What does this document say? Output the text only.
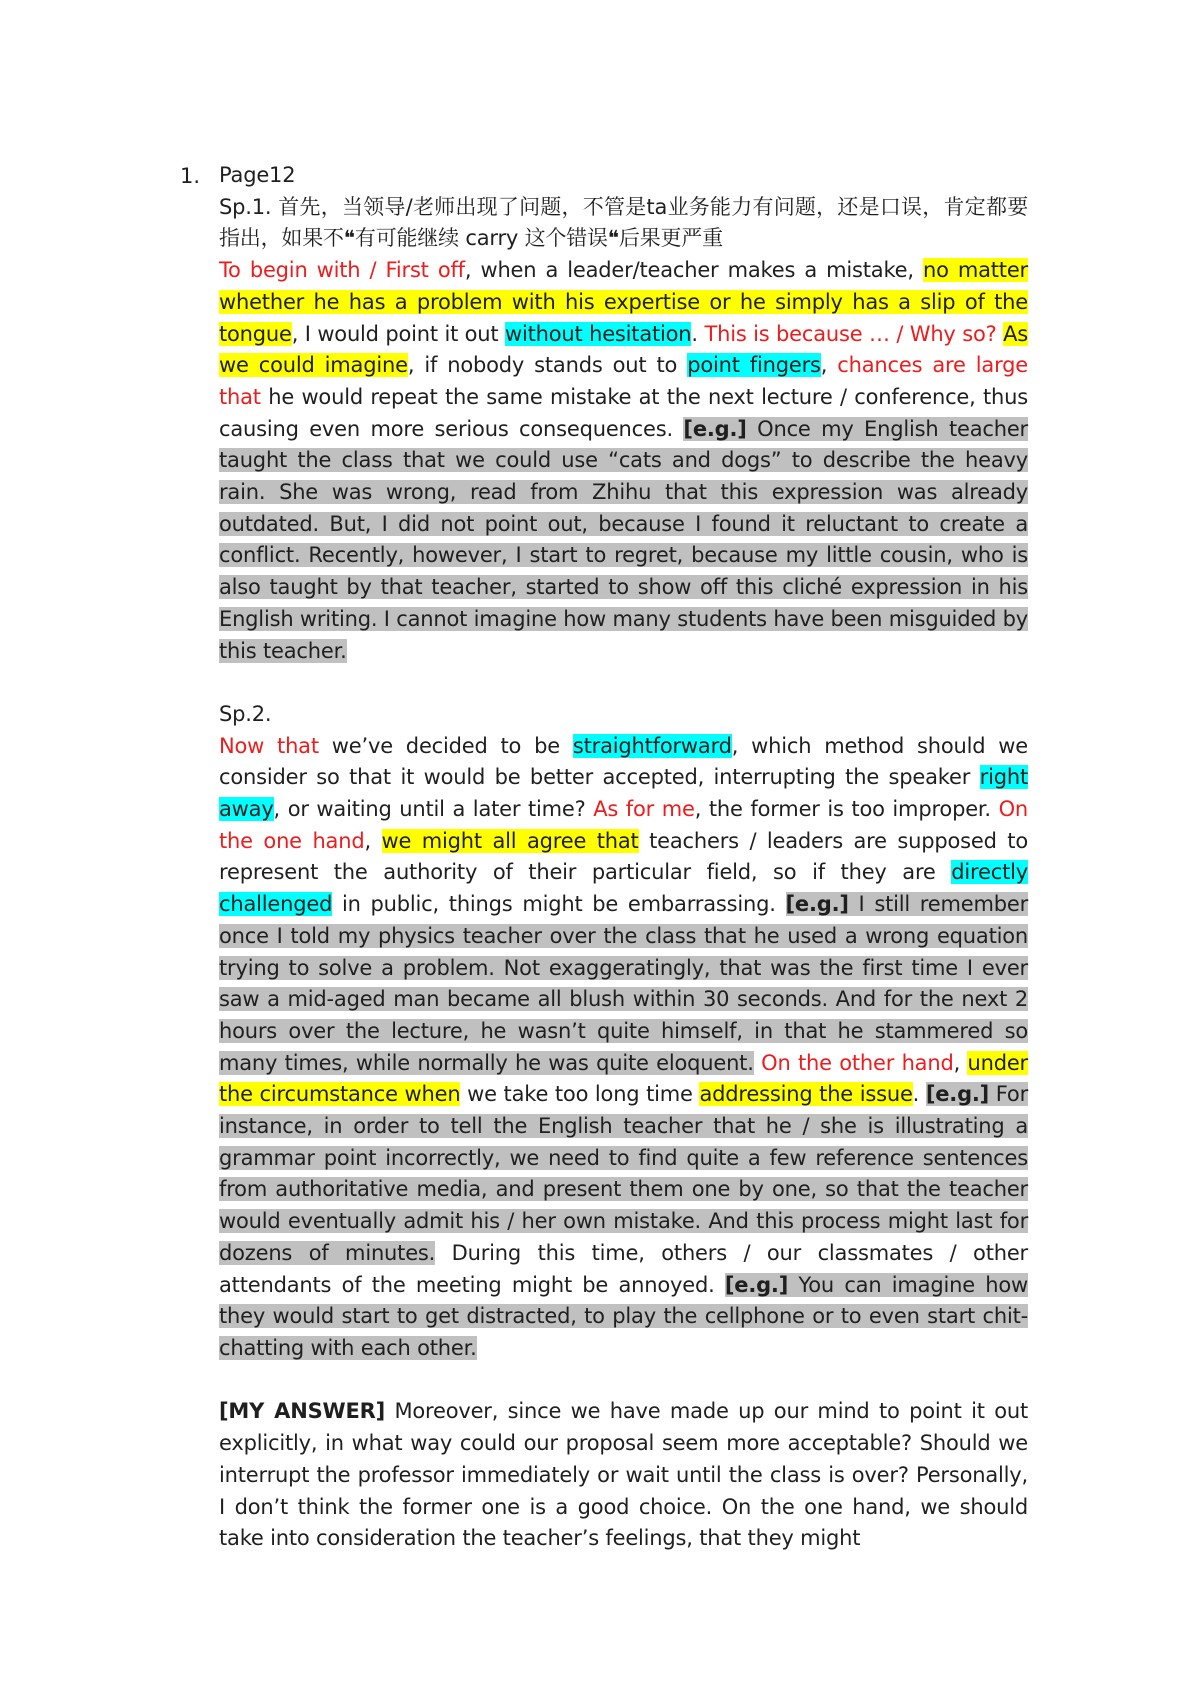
1. Page12

Sp.1. 首先，当领导/老师出现了问题，不管是ta业务能力有问题，还是口误，肯定都要指出，如果不❝有可能继续 carry 这个错误❝后果更严重

To begin with / First off, when a leader/teacher makes a mistake, no matter whether he has a problem with his expertise or he simply has a slip of the tongue, I would point it out without hesitation. This is because … / Why so? As we could imagine, if nobody stands out to point fingers, chances are large that he would repeat the same mistake at the next lecture / conference, thus causing even more serious consequences. [e.g.] Once my English teacher taught the class that we could use “cats and dogs” to describe the heavy rain. She was wrong, read from Zhihu that this expression was already outdated. But, I did not point out, because I found it reluctant to create a conflict. Recently, however, I start to regret, because my little cousin, who is also taught by that teacher, started to show off this cliché expression in his English writing. I cannot imagine how many students have been misguided by this teacher.

Sp.2.

Now that we’ve decided to be straightforward, which method should we consider so that it would be better accepted, interrupting the speaker right away, or waiting until a later time? As for me, the former is too improper. On the one hand, we might all agree that teachers / leaders are supposed to represent the authority of their particular field, so if they are directly challenged in public, things might be embarrassing. [e.g.] I still remember once I told my physics teacher over the class that he used a wrong equation trying to solve a problem. Not exaggeratingly, that was the first time I ever saw a mid-aged man became all blush within 30 seconds. And for the next 2 hours over the lecture, he wasn’t quite himself, in that he stammered so many times, while normally he was quite eloquent. On the other hand, under the circumstance when we take too long time addressing the issue. [e.g.] For instance, in order to tell the English teacher that he / she is illustrating a grammar point incorrectly, we need to find quite a few reference sentences from authoritative media, and present them one by one, so that the teacher would eventually admit his / her own mistake. And this process might last for dozens of minutes. During this time, others / our classmates / other attendants of the meeting might be annoyed. [e.g.] You can imagine how they would start to get distracted, to play the cellphone or to even start chit-chatting with each other.

[MY ANSWER] Moreover, since we have made up our mind to point it out explicitly, in what way could our proposal seem more acceptable? Should we interrupt the professor immediately or wait until the class is over? Personally, I don’t think the former one is a good choice. On the one hand, we should take into consideration the teacher’s feelings, that they might
